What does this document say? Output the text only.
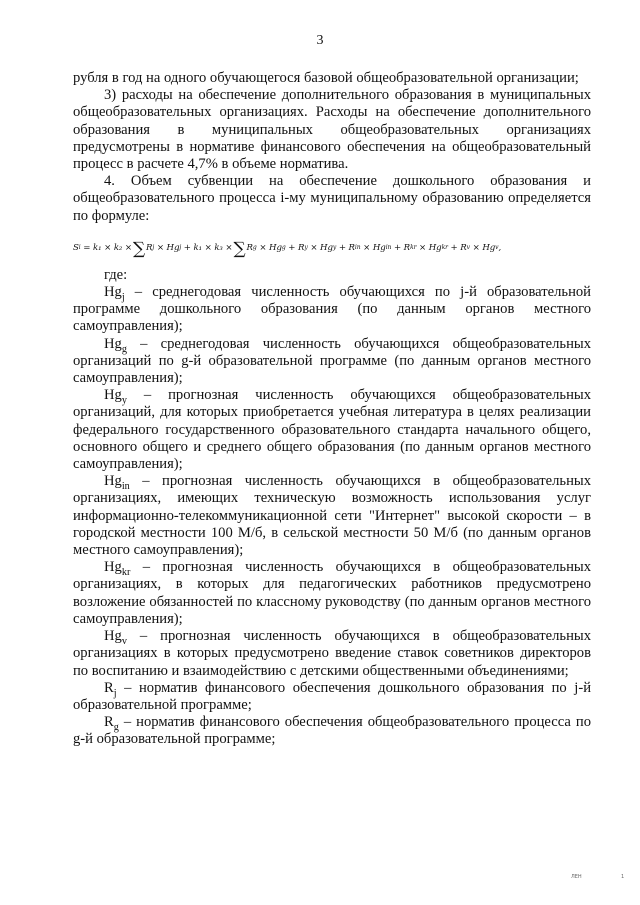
3

рубля в год на одного обучающегося базовой общеобразовательной организации;

3) расходы на обеспечение дополнительного образования в муниципальных общеобразовательных организациях. Расходы на обеспечение дополнительного образования в муниципальных общеобразовательных организациях предусмотрены в нормативе финансового обеспечения на общеобразовательный процесс в расчете 4,7% в объеме норматива.

4. Объем субвенции на обеспечение дошкольного образования и общеобразовательного процесса i-му муниципальному образованию определяется по формуле:

S i
= k₁ × k₂ × ∑ R j
× Hg j
+ k₁ × k₃ × ∑ R g
× Hg g
+ R y
× Hg y
+ R in
× Hg in
+ R kr
× Hg kr
+ R v
× Hg v ,

где:

$Hg_j$ – среднегодовая численность обучающихся по j-й образовательной программе дошкольного образования (по данным органов местного самоуправления);

$Hg_g$ – среднегодовая численность обучающихся общеобразовательных организаций по g-й образовательной программе (по данным органов местного самоуправления);

$Hg_y$ – прогнозная численность обучающихся общеобразовательных организаций, для которых приобретается учебная литература в целях реализации федерального государственного образовательного стандарта начального общего, основного общего и среднего общего образования (по данным органов местного самоуправления);

$Hg_{in}$ – прогнозная численность обучающихся в общеобразовательных организациях, имеющих техническую возможность использования услуг информационно-телекоммуникационной сети "Интернет" высокой скорости – в городской местности 100 М/б, в сельской местности 50 М/б (по данным органов местного самоуправления);

$Hg_{kr}$ – прогнозная численность обучающихся в общеобразовательных организациях, в которых для педагогических работников предусмотрено возложение обязанностей по классному руководству (по данным органов местного самоуправления);

$Hg_v$ – прогнозная численность обучающихся в общеобразовательных организациях в которых предусмотрено введение ставок советников директоров по воспитанию и взаимодействию с детскими общественными объединениями;

$R_j$ – норматив финансового обеспечения дошкольного образования по j-й образовательной программе;

$R_g$ – норматив финансового обеспечения общеобразовательного процесса по g-й образовательной программе;

ЛЕН	1
